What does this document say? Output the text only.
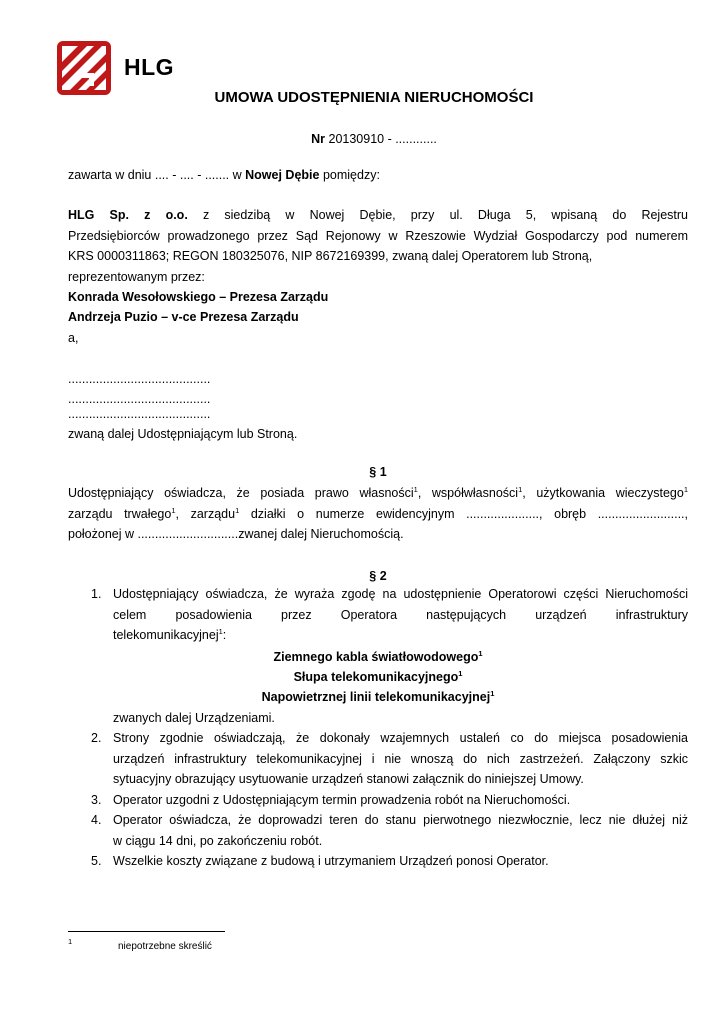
HLG
UMOWA UDOSTĘPNIENIA NIERUCHOMOŚCI
Nr 20130910 - ............
zawarta w dniu .... - .... - ....... w Nowej Dębie pomiędzy:
HLG Sp. z o.o. z siedzibą w Nowej Dębie, przy ul. Długa 5, wpisaną do Rejestru
Przedsiębiorców prowadzonego przez Sąd Rejonowy w Rzeszowie Wydział Gospodarczy pod numerem
KRS 0000311863; REGON 180325076, NIP 8672169399, zwaną dalej Operatorem lub Stroną,
reprezentowanym przez:
Konrada Wesołowskiego – Prezesa Zarządu
Andrzeja Puzio – v-ce Prezesa Zarządu
a,
.........................................
.........................................
.........................................
zwaną dalej Udostępniającym lub Stroną.
§ 1
Udostępniający oświadcza, że posiada prawo własności$^1$, współwłasności$^1$, użytkowania wieczystego$^1$
zarządu trwałego$^1$, zarządu$^1$ działki o numerze ewidencyjnym ....................., obręb .........................,
położonej w .............................zwanej dalej Nieruchomością.
§ 2
1. Udostępniający oświadcza, że wyraża zgodę na udostępnienie Operatorowi części Nieruchomości
celem posadowienia przez Operatora następujących urządzeń infrastruktury
telekomunikacyjnej$^1$:
Ziemnego kabla światłowodowego$^1$
Słupa telekomunikacyjnego$^1$
Napowietrznej linii telekomunikacyjnej$^1$
zwanych dalej Urządzeniami.
2. Strony zgodnie oświadczają, że dokonały wzajemnych ustaleń co do miejsca posadowienia
urządzeń infrastruktury telekomunikacyjnej i nie wnoszą do nich zastrzeżeń. Załączony szkic
sytuacyjny obrazujący usytuowanie urządzeń stanowi załącznik do niniejszej Umowy.
3. Operator uzgodni z Udostępniającym termin prowadzenia robót na Nieruchomości.
4. Operator oświadcza, że doprowadzi teren do stanu pierwotnego niezwłocznie, lecz nie dłużej niż
w ciągu 14 dni, po zakończeniu robót.
5. Wszelkie koszty związane z budową i utrzymaniem Urządzeń ponosi Operator.
1	niepotrzebne skreślić
